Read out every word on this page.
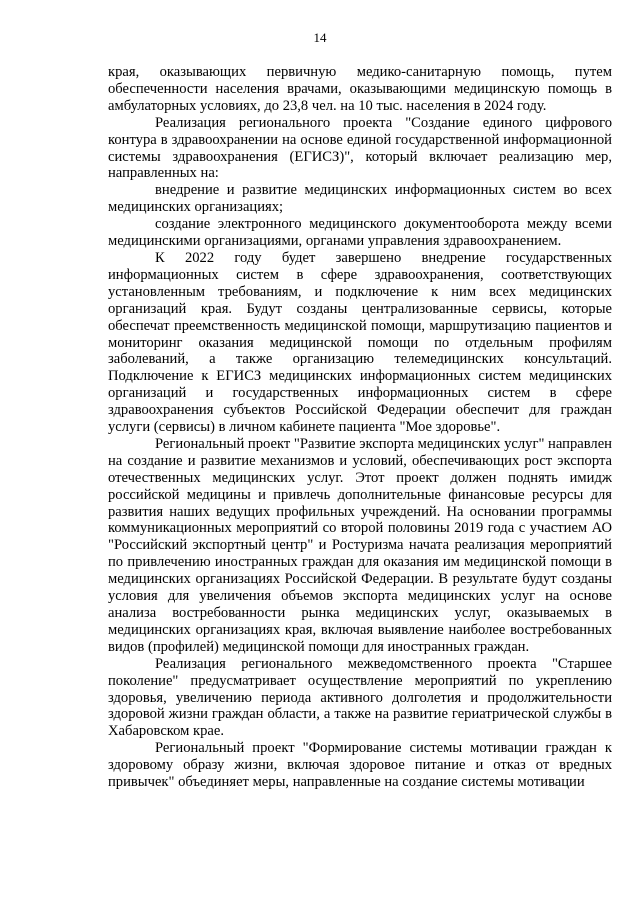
14

края, оказывающих первичную медико-санитарную помощь, путем обеспеченности населения врачами, оказывающими медицинскую помощь в амбулаторных условиях, до 23,8 чел. на 10 тыс. населения в 2024 году.

Реализация регионального проекта "Создание единого цифрового контура в здравоохранении на основе единой государственной информационной системы здравоохранения (ЕГИСЗ)", который включает реализацию мер, направленных на:

внедрение и развитие медицинских информационных систем во всех медицинских организациях;

создание электронного медицинского документооборота между всеми медицинскими организациями, органами управления здравоохранением.

К 2022 году будет завершено внедрение государственных информационных систем в сфере здравоохранения, соответствующих установленным требованиям, и подключение к ним всех медицинских организаций края. Будут созданы централизованные сервисы, которые обеспечат преемственность медицинской помощи, маршрутизацию пациентов и мониторинг оказания медицинской помощи по отдельным профилям заболеваний, а также организацию телемедицинских консультаций. Подключение к ЕГИСЗ медицинских информационных систем медицинских организаций и государственных информационных систем в сфере здравоохранения субъектов Российской Федерации обеспечит для граждан услуги (сервисы) в личном кабинете пациента "Мое здоровье".

Региональный проект "Развитие экспорта медицинских услуг" направлен на создание и развитие механизмов и условий, обеспечивающих рост экспорта отечественных медицинских услуг. Этот проект должен поднять имидж российской медицины и привлечь дополнительные финансовые ресурсы для развития наших ведущих профильных учреждений. На основании программы коммуникационных мероприятий со второй половины 2019 года с участием АО "Российский экспортный центр" и Ростуризма начата реализация мероприятий по привлечению иностранных граждан для оказания им медицинской помощи в медицинских организациях Российской Федерации. В результате будут созданы условия для увеличения объемов экспорта медицинских услуг на основе анализа востребованности рынка медицинских услуг, оказываемых в медицинских организациях края, включая выявление наиболее востребованных видов (профилей) медицинской помощи для иностранных граждан.

Реализация регионального межведомственного проекта "Старшее поколение" предусматривает осуществление мероприятий по укреплению здоровья, увеличению периода активного долголетия и продолжительности здоровой жизни граждан области, а также на развитие гериатрической службы в Хабаровском крае.

Региональный проект "Формирование системы мотивации граждан к здоровому образу жизни, включая здоровое питание и отказ от вредных привычек" объединяет меры, направленные на создание системы мотивации
